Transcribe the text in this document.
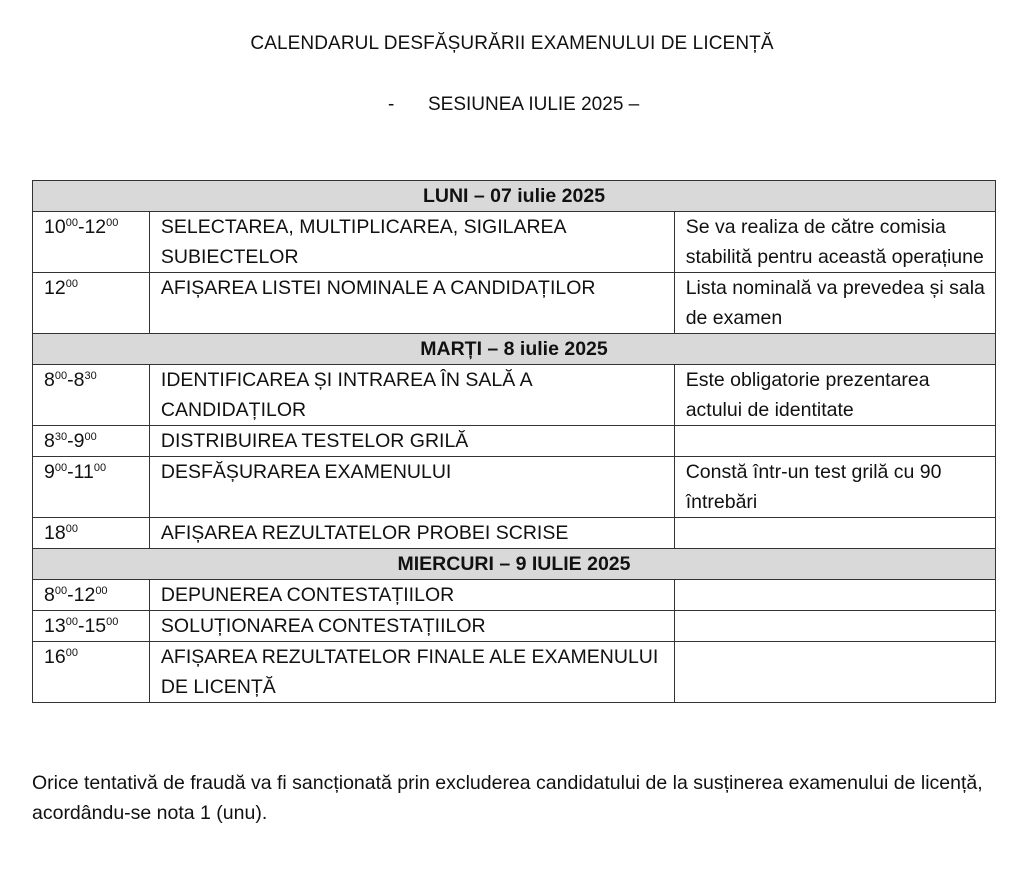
CALENDARUL DESFĂȘURĂRII EXAMENULUI DE LICENȚĂ
- SESIUNEA IULIE 2025 –
LUNI – 07 iulie 2025		
$10^{00}-12^{00}$	SELECTAREA, MULTIPLICAREA, SIGILAREA SUBIECTELOR	Se va realiza de către comisia stabilită pentru această operațiune
$12^{00}$	AFIȘAREA LISTEI NOMINALE A CANDIDAȚILOR	Lista nominală va prevedea și sala de examen
MARȚI – 8 iulie 2025		
$8^{00}-8^{30}$	IDENTIFICAREA ȘI INTRAREA ÎN SALĂ A CANDIDAȚILOR	Este obligatorie prezentarea actului de identitate
$8^{30}-9^{00}$	DISTRIBUIREA TESTELOR GRILĂ	
$9^{00}-11^{00}$	DESFĂȘURAREA EXAMENULUI	Constă într-un test grilă cu 90 întrebări
$18^{00}$	AFIȘAREA REZULTATELOR PROBEI SCRISE	
MIERCURI – 9 IULIE 2025		
$8^{00}-12^{00}$	DEPUNEREA CONTESTAȚIILOR	
$13^{00}-15^{00}$	SOLUȚIONAREA CONTESTAȚIILOR	
$16^{00}$	AFIȘAREA REZULTATELOR FINALE ALE EXAMENULUI DE LICENȚĂ	
Orice tentativă de fraudă va fi sancționată prin excluderea candidatului de la susținerea examenului de licență, acordându-se nota 1 (unu).
